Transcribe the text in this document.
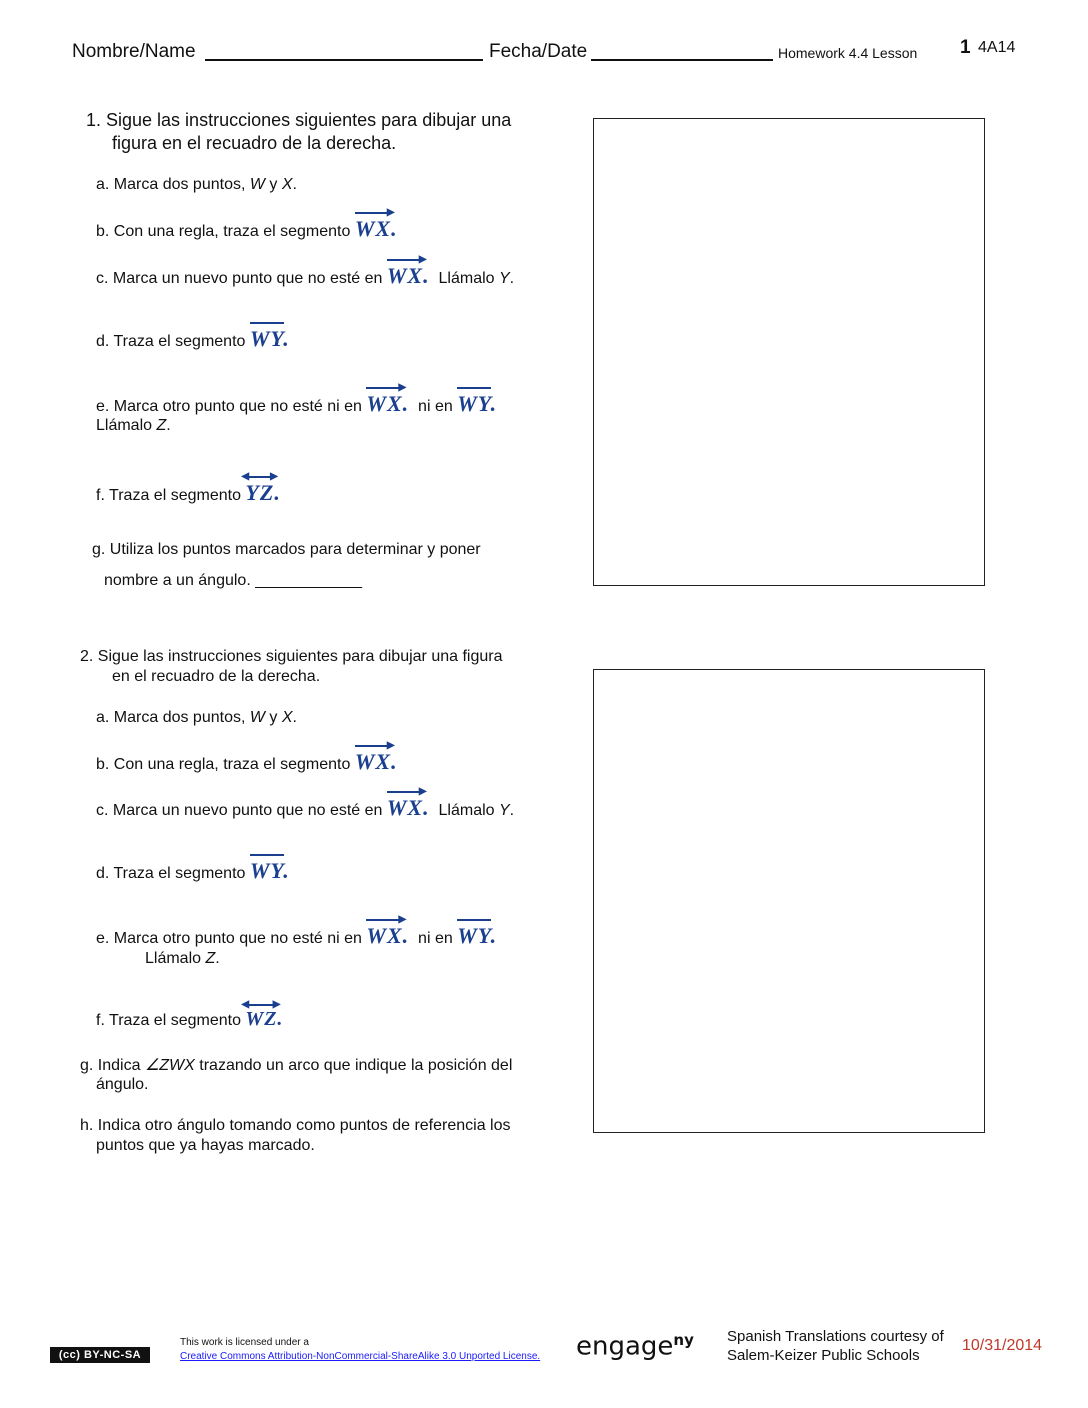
Nombre/Name	Fecha/Date	Homework 4.4 Lesson 1 4A14
1. Sigue las instrucciones siguientes para dibujar una
figura en el recuadro de la derecha.
a. Marca dos puntos, W y X.
b. Con una regla, traza el segmento
▶
WX .
c. Marca un nuevo punto que no esté en
▶
WX . Llámalo Y.
d. Traza el segmento WY .
e. Marca otro punto que no esté ni en
▶
WX . ni en WY .
Llámalo Z.
f. Traza el segmento
◀ ▶
YZ .
g. Utiliza los puntos marcados para determinar y poner
nombre a un ángulo. ____________
2. Sigue las instrucciones siguientes para dibujar una figura
en el recuadro de la derecha.
a. Marca dos puntos, W y X.
b. Con una regla, traza el segmento
▶
WX .
c. Marca un nuevo punto que no esté en
▶
WX . Llámalo Y.
d. Traza el segmento WY .
e. Marca otro punto que no esté ni en
▶
WX . ni en WY .
Llámalo Z.
f. Traza el segmento
◀ ▶
WZ .
g. Indica ∠ZWX trazando un arco que indique la posición del
ángulo.
h. Indica otro ángulo tomando como puntos de referencia los
puntos que ya hayas marcado.
(cc) BY-NC-SA
This work is licensed under a
Creative Commons Attribution-NonCommercial-ShareAlike 3.0 Unported License. engage$^{ny}$ Spanish Translations courtesy of
Salem-Keizer Public Schools
10/31/2014
